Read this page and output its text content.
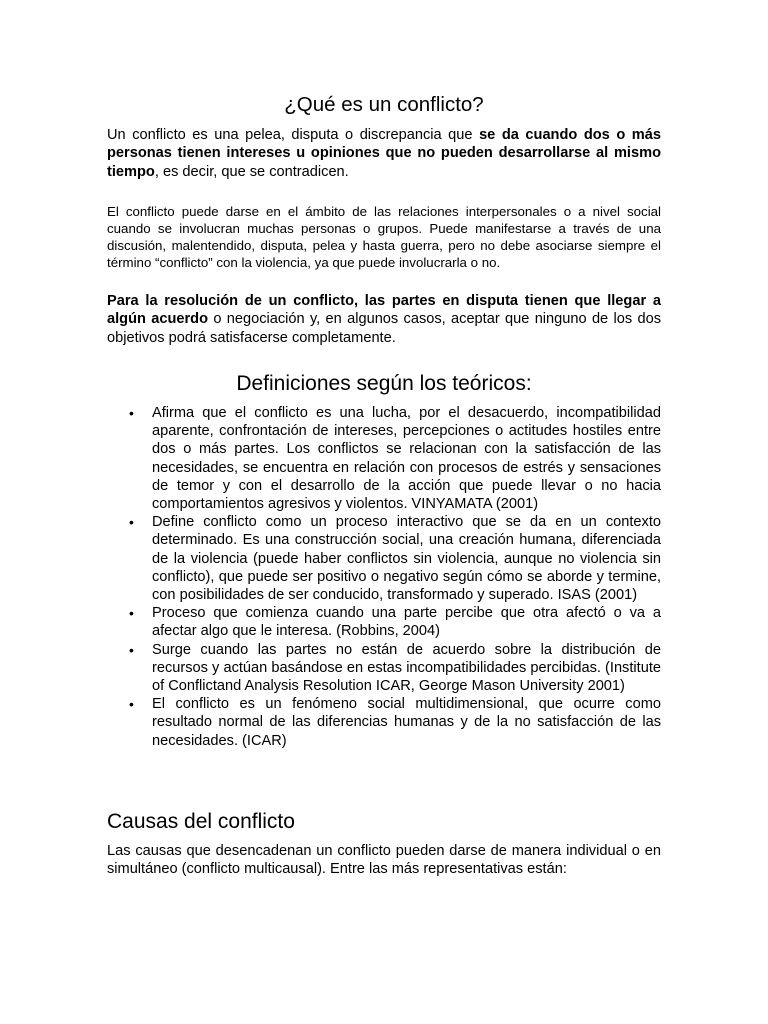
¿Qué es un conflicto?

Un conflicto es una pelea, disputa o discrepancia que se da cuando dos o más personas tienen intereses u opiniones que no pueden desarrollarse al mismo tiempo, es decir, que se contradicen.

El conflicto puede darse en el ámbito de las relaciones interpersonales o a nivel social cuando se involucran muchas personas o grupos. Puede manifestarse a través de una discusión, malentendido, disputa, pelea y hasta guerra, pero no debe asociarse siempre el término “conflicto” con la violencia, ya que puede involucrarla o no.

Para la resolución de un conflicto, las partes en disputa tienen que llegar a algún acuerdo o negociación y, en algunos casos, aceptar que ninguno de los dos objetivos podrá satisfacerse completamente.

Definiciones según los teóricos:
• Afirma que el conflicto es una lucha, por el desacuerdo, incompatibilidad aparente, confrontación de intereses, percepciones o actitudes hostiles entre dos o más partes. Los conflictos se relacionan con la satisfacción de las necesidades, se encuentra en relación con procesos de estrés y sensaciones de temor y con el desarrollo de la acción que puede llevar o no hacia comportamientos agresivos y violentos. VINYAMATA (2001)
• Define conflicto como un proceso interactivo que se da en un contexto determinado. Es una construcción social, una creación humana, diferenciada de la violencia (puede haber conflictos sin violencia, aunque no violencia sin conflicto), que puede ser positivo o negativo según cómo se aborde y termine, con posibilidades de ser conducido, transformado y superado. ISAS (2001)
• Proceso que comienza cuando una parte percibe que otra afectó o va a afectar algo que le interesa. (Robbins, 2004)
• Surge cuando las partes no están de acuerdo sobre la distribución de recursos y actúan basándose en estas incompatibilidades percibidas. (Institute of Conflictand Analysis Resolution ICAR, George Mason University 2001)
• El conflicto es un fenómeno social multidimensional, que ocurre como resultado normal de las diferencias humanas y de la no satisfacción de las necesidades. (ICAR)
Causas del conflicto

Las causas que desencadenan un conflicto pueden darse de manera individual o en simultáneo (conflicto multicausal). Entre las más representativas están:
